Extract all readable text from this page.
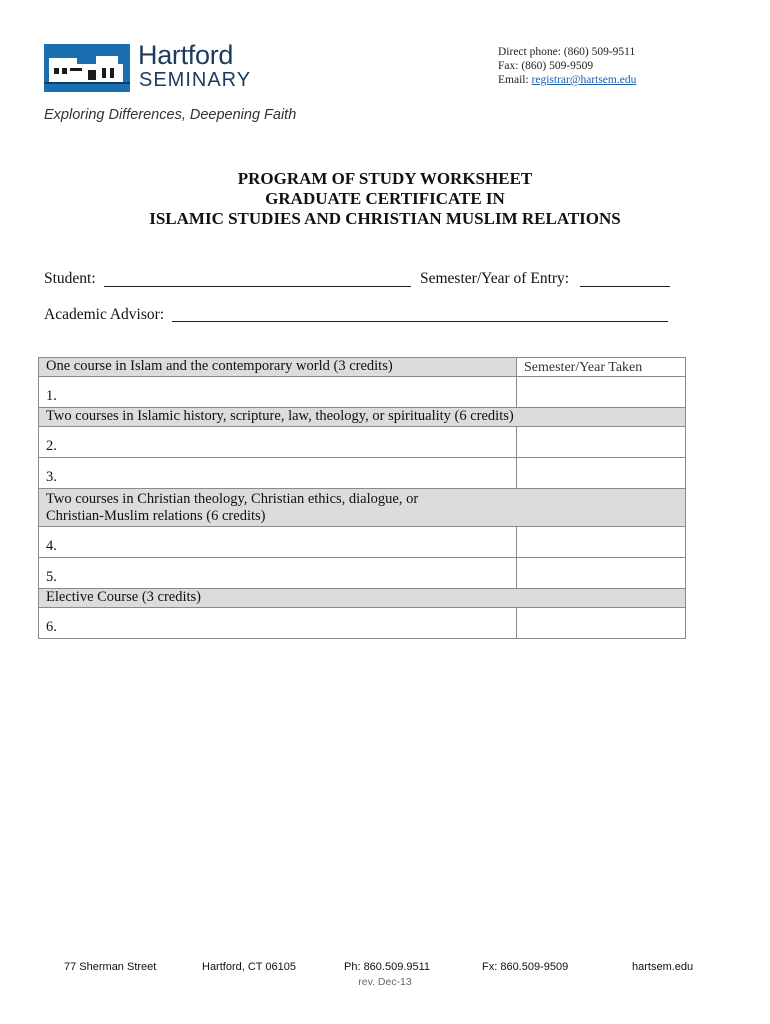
Hartford
SEMINARY
Exploring Differences, Deepening Faith
Direct phone: (860) 509-9511
Fax: (860) 509-9509
Email: registrar@hartsem.edu
PROGRAM OF STUDY WORKSHEET
GRADUATE CERTIFICATE IN
ISLAMIC STUDIES AND CHRISTIAN MUSLIM RELATIONS
Student:	Semester/Year of Entry:
Academic Advisor:
One course in Islam and the contemporary world (3 credits)	Semester/Year Taken
1.	
Two courses in Islamic history, scripture, law, theology, or spirituality (6 credits)	
2.	
3.	

Two courses in Christian theology, Christian ethics, dialogue, or
Christian-Muslim relations (6 credits)	

4.	
5.	
Elective Course (3 credits)	
6.	
77 Sherman Street	Hartford, CT 06105	Ph: 860.509.9511	Fx: 860.509-9509	hartsem.edu
rev. Dec-13
